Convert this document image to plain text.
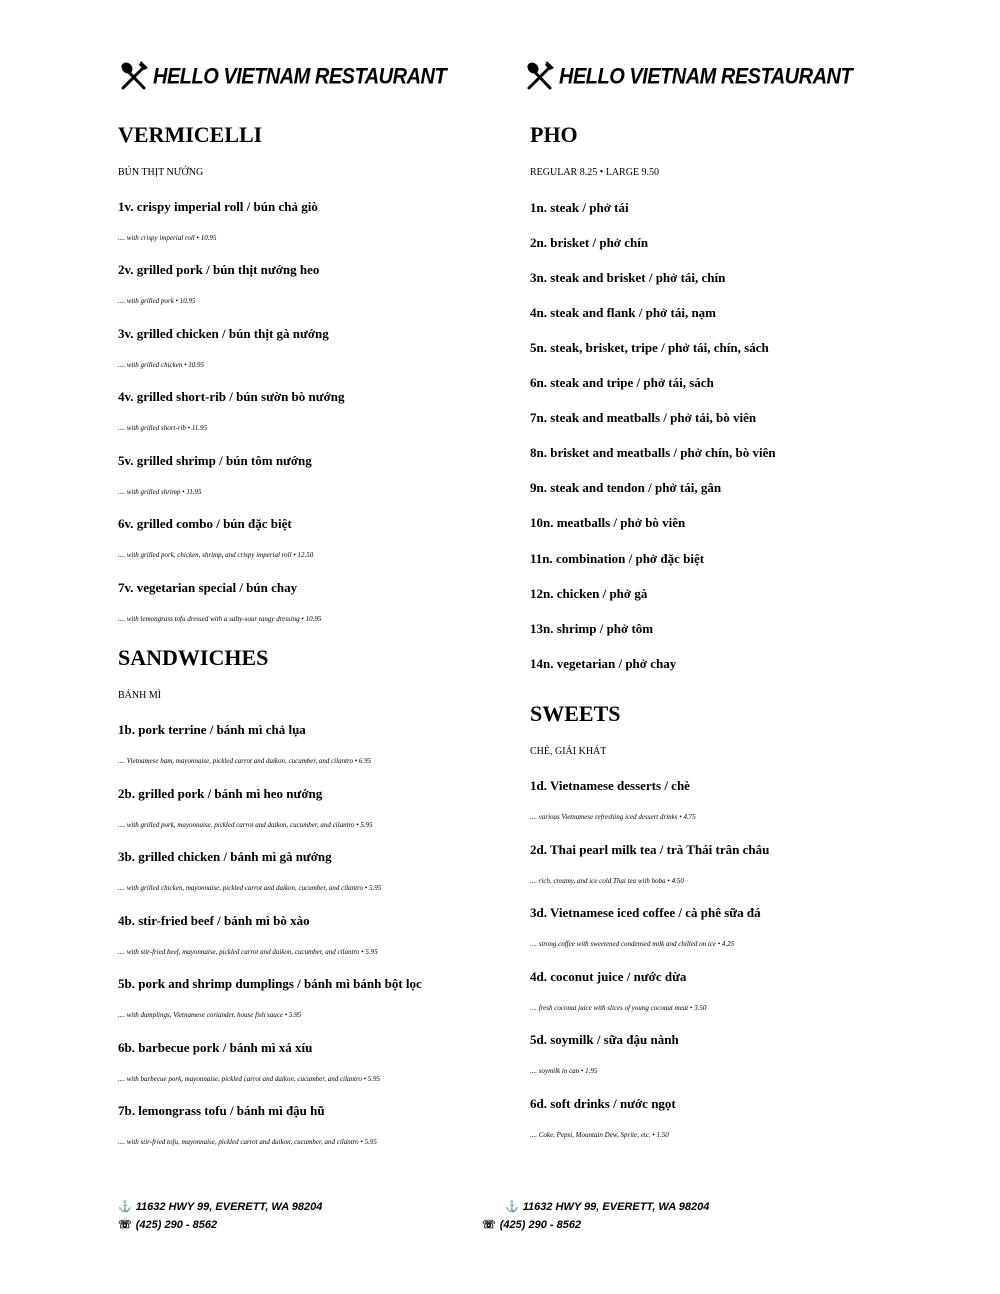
HELLO VIETNAM RESTAURANT
VERMICELLI
BÚN THỊT NƯỚNG
1v. crispy imperial roll / bún chả giò
.... with crispy imperial roll • 10.95
2v. grilled pork / bún thịt nướng heo
.... with grilled pork • 10.95
3v. grilled chicken / bún thịt gà nướng
.... with grilled chicken • 10.95
4v. grilled short-rib / bún sườn bò nướng
.... with grilled short-rib • 11.95
5v. grilled shrimp / bún tôm nướng
.... with grilled shrimp • 11.95
6v. grilled combo / bún đặc biệt
.... with grilled pork, chicken, shrimp, and crispy imperial roll • 12.50
7v. vegetarian special / bún chay
.... with lemongrass tofu dressed with a salty-sour tangy dressing • 10.95
SANDWICHES
BÁNH MÌ
1b. pork terrine / bánh mì chả lụa
.... Vietnamese ham, mayonnaise, pickled carrot and daikon, cucumber, and cilantro • 6.95
2b. grilled pork / bánh mì heo nướng
.... with grilled pork, mayonnaise, pickled carrot and daikon, cucumber, and cilantro • 5.95
3b. grilled chicken / bánh mì gà nướng
.... with grilled chicken, mayonnaise, pickled carrot and daikon, cucumber, and cilantro • 5.95
4b. stir-fried beef / bánh mì bò xào
.... with stir-fried beef, mayonnaise, pickled carrot and daikon, cucumber, and cilantro • 5.95
5b. pork and shrimp dumplings / bánh mì bánh bột lọc
.... with dumplings, Vietnamese coriander, house fish sauce • 5.95
6b. barbecue pork / bánh mì xá xíu
.... with barbecue pork, mayonnaise, pickled carrot and daikon, cucumber, and cilantro • 5.95
7b. lemongrass tofu / bánh mì đậu hũ
.... with stir-fried tofu, mayonnaise, pickled carrot and daikon, cucumber, and cilantro • 5.95
⚓ 11632 HWY 99, EVERETT, WA 98204
☏ (425) 290 - 8562
HELLO VIETNAM RESTAURANT
PHO
REGULAR 8.25 • LARGE 9.50
1n. steak / phở tái
2n. brisket / phở chín
3n. steak and brisket / phở tái, chín
4n. steak and flank / phở tái, nạm
5n. steak, brisket, tripe / phở tái, chín, sách
6n. steak and tripe / phở tái, sách
7n. steak and meatballs / phở tái, bò viên
8n. brisket and meatballs / phở chín, bò viên
9n. steak and tendon / phở tái, gân
10n. meatballs / phở bò viên
11n. combination / phở đặc biệt
12n. chicken / phở gà
13n. shrimp / phở tôm
14n. vegetarian / phở chay
SWEETS
CHÈ, GIẢI KHÁT
1d. Vietnamese desserts / chè
.... various Vietnamese refreshing iced dessert drinks • 4.75
2d. Thai pearl milk tea / trà Thái trân châu
.... rich, creamy, and ice cold Thai tea with boba • 4.50
3d. Vietnamese iced coffee / cà phê sữa đá
.... strong coffee with sweetened condensed milk and chilled on ice • 4.25
4d. coconut juice / nước dừa
.... fresh coconut juice with slices of young coconut meat • 3.50
5d. soymilk / sữa đậu nành
.... soymilk in can • 1.95
6d. soft drinks / nước ngọt
.... Coke, Pepsi, Mountain Dew, Sprite, etc. • 1.50
⚓ 11632 HWY 99, EVERETT, WA 98204
☏ (425) 290 - 8562
